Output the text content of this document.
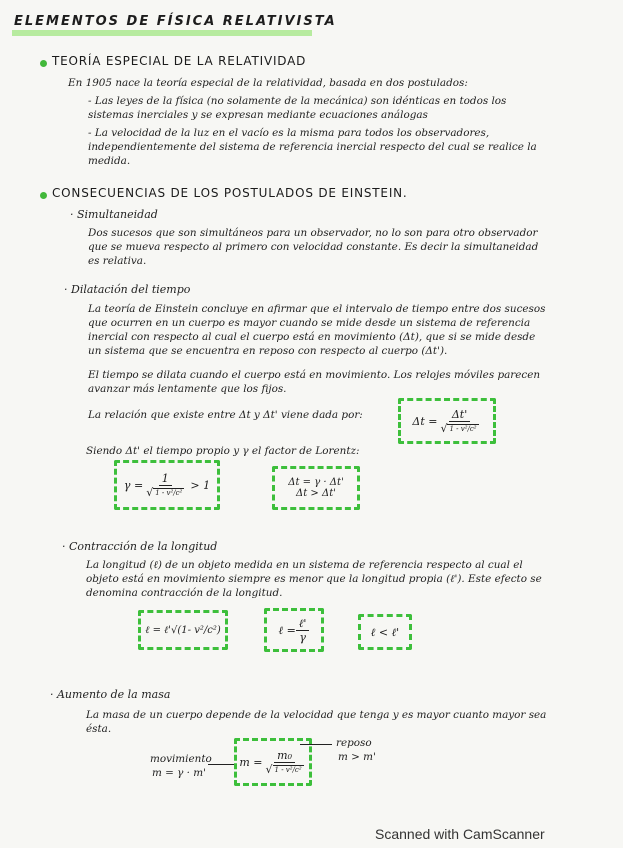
ELEMENTOS DE FÍSICA RELATIVISTA
TEORÍA ESPECIAL DE LA RELATIVIDAD
En 1905 nace la teoría especial de la relatividad, basada en dos postulados:
- Las leyes de la física (no solamente de la mecánica) son idénticas en todos los sistemas inerciales y se expresan mediante ecuaciones análogas
- La velocidad de la luz en el vacío es la misma para todos los observadores, independientemente del sistema de referencia inercial respecto del cual se realice la medida.
CONSECUENCIAS DE LOS POSTULADOS DE EINSTEIN.
· Simultaneidad
Dos sucesos que son simultáneos para un observador, no lo son para otro observador que se mueva respecto al primero con velocidad constante. Es decir la simultaneidad es relativa.
· Dilatación del tiempo
La teoría de Einstein concluye en afirmar que el intervalo de tiempo entre dos sucesos que ocurren en un cuerpo es mayor cuando se mide desde un sistema de referencia inercial con respecto al cual el cuerpo está en movimiento (Δt), que si se mide desde un sistema que se encuentra en reposo con respecto al cuerpo (Δt').
El tiempo se dilata cuando el cuerpo está en movimiento. Los relojes móviles parecen avanzar más lentamente que los fijos.
La relación que existe entre Δt y Δt' viene dada por:	$\Delta t = \frac{\Delta t'}{\text{√ 1 - v²/c²}}$
Siendo Δt' el tiempo propio y γ el factor de Lorentz:
$\gamma = \frac{1}{\text{√ 1 - v²/c²}} > 1$	Δt = γ · Δt'
Δt > Δt'
· Contracción de la longitud
La longitud (ℓ) de un objeto medida en un sistema de referencia respecto al cual el objeto está en movimiento siempre es menor que la longitud propia (ℓ'). Este efecto se denomina contracción de la longitud.
ℓ = ℓ'√(1- v²/c²)	ℓ = $\frac{\text{ℓ'}}{\gamma}$	ℓ < ℓ'
· Aumento de la masa
La masa de un cuerpo depende de la velocidad que tenga y es mayor cuanto mayor sea ésta.
$m = \frac{\text{m₀}}{\text{√ 1 - v²/c²}}$
movimiento
m = γ · m'
reposo
m > m'
Scanned with CamScanner
